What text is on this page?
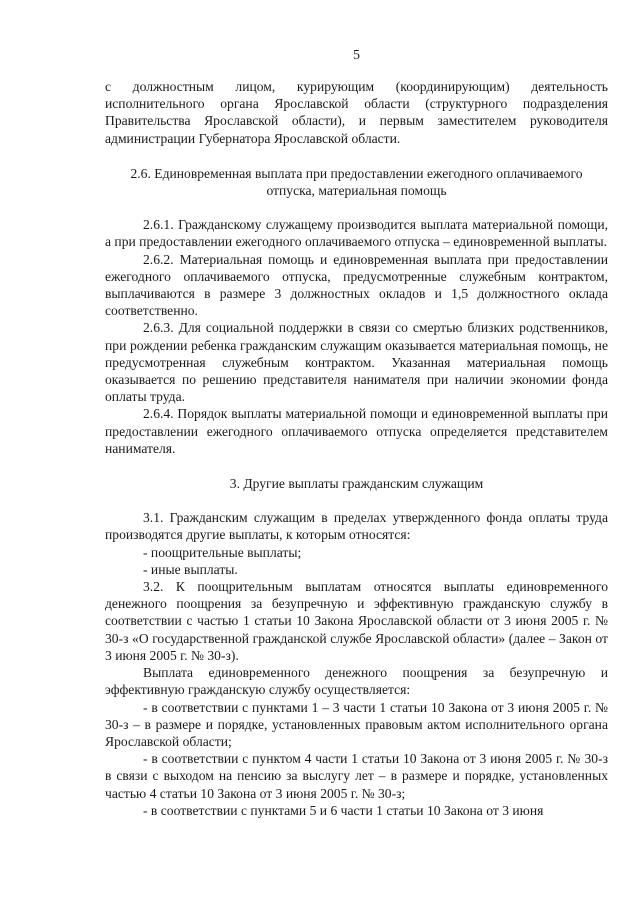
5

с должностным лицом, курирующим (координирующим) деятельность исполнительного органа Ярославской области (структурного подразделения Правительства Ярославской области), и первым заместителем руководителя администрации Губернатора Ярославской области.

2.6. Единовременная выплата при предоставлении ежегодного оплачиваемого отпуска, материальная помощь

2.6.1. Гражданскому служащему производится выплата материальной помощи, а при предоставлении ежегодного оплачиваемого отпуска – единовременной выплаты.

2.6.2. Материальная помощь и единовременная выплата при предоставлении ежегодного оплачиваемого отпуска, предусмотренные служебным контрактом, выплачиваются в размере 3 должностных окладов и 1,5 должностного оклада соответственно.

2.6.3. Для социальной поддержки в связи со смертью близких родственников, при рождении ребенка гражданским служащим оказывается материальная помощь, не предусмотренная служебным контрактом. Указанная материальная помощь оказывается по решению представителя нанимателя при наличии экономии фонда оплаты труда.

2.6.4. Порядок выплаты материальной помощи и единовременной выплаты при предоставлении ежегодного оплачиваемого отпуска определяется представителем нанимателя.

3. Другие выплаты гражданским служащим

3.1. Гражданским служащим в пределах утвержденного фонда оплаты труда производятся другие выплаты, к которым относятся:

- поощрительные выплаты;

- иные выплаты.

3.2. К поощрительным выплатам относятся выплаты единовременного денежного поощрения за безупречную и эффективную гражданскую службу в соответствии с частью 1 статьи 10 Закона Ярославской области от 3 июня 2005 г. № 30-з «О государственной гражданской службе Ярославской области» (далее – Закон от 3 июня 2005 г. № 30-з).

Выплата единовременного денежного поощрения за безупречную и эффективную гражданскую службу осуществляется:

- в соответствии с пунктами 1 – 3 части 1 статьи 10 Закона от 3 июня 2005 г. № 30-з – в размере и порядке, установленных правовым актом исполнительного органа Ярославской области;

- в соответствии с пунктом 4 части 1 статьи 10 Закона от 3 июня 2005 г. № 30-з в связи с выходом на пенсию за выслугу лет – в размере и порядке, установленных частью 4 статьи 10 Закона от 3 июня 2005 г. № 30-з;

- в соответствии с пунктами 5 и 6 части 1 статьи 10 Закона от 3 июня
